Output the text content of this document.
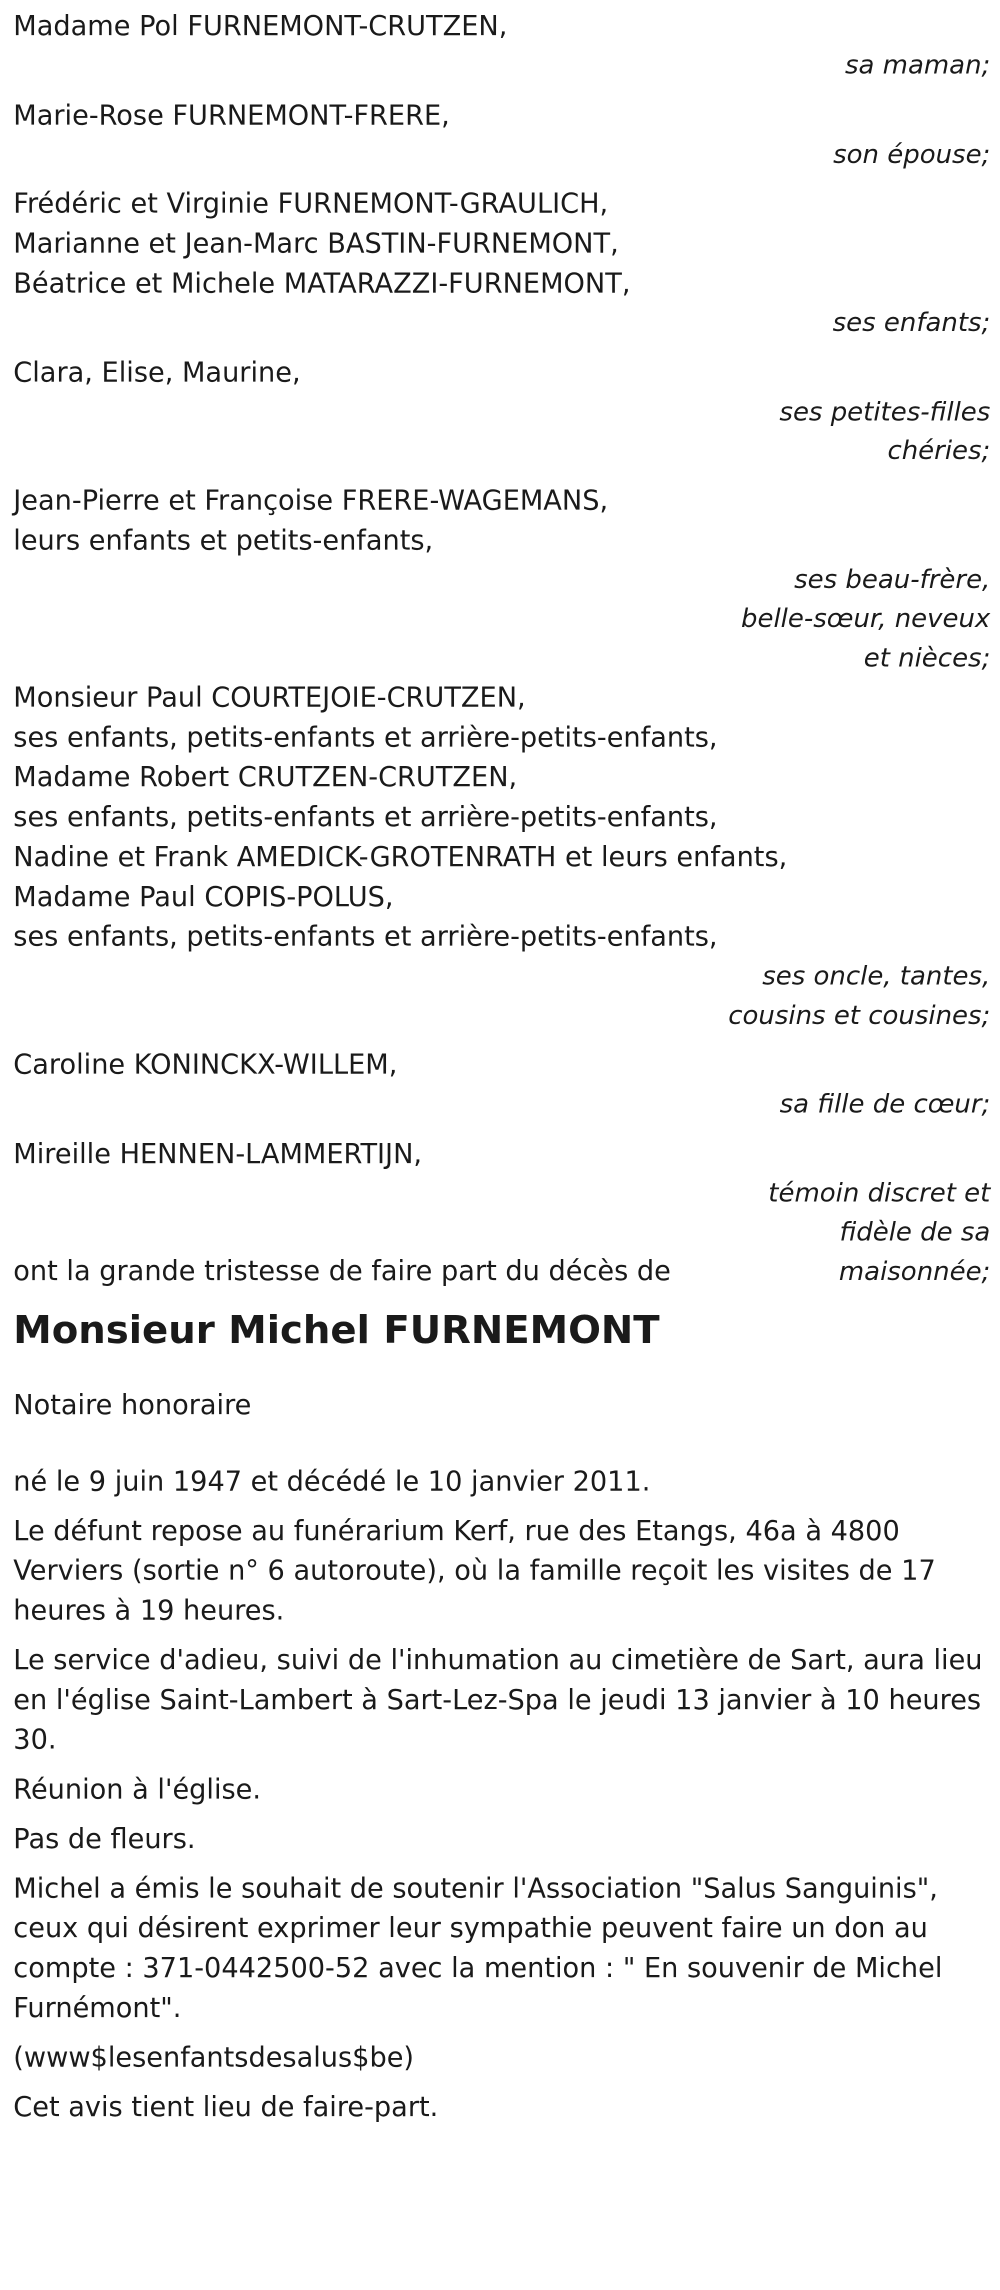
Madame Pol FURNEMONT-CRUTZEN,
sa maman;
Marie-Rose FURNEMONT-FRERE,
son épouse;
Frédéric et Virginie FURNEMONT-GRAULICH,
Marianne et Jean-Marc BASTIN-FURNEMONT,
Béatrice et Michele MATARAZZI-FURNEMONT,
ses enfants;
Clara, Elise, Maurine,
ses petites-filles
chéries;
Jean-Pierre et Françoise FRERE-WAGEMANS,
leurs enfants et petits-enfants,
ses beau-frère,
belle-sœur, neveux
et nièces;
Monsieur Paul COURTEJOIE-CRUTZEN,
ses enfants, petits-enfants et arrière-petits-enfants,
Madame Robert CRUTZEN-CRUTZEN,
ses enfants, petits-enfants et arrière-petits-enfants,
Nadine et Frank AMEDICK-GROTENRATH et leurs enfants,
Madame Paul COPIS-POLUS,
ses enfants, petits-enfants et arrière-petits-enfants,
ses oncle, tantes,
cousins et cousines;
Caroline KONINCKX-WILLEM,
sa fille de cœur;
Mireille HENNEN-LAMMERTIJN,
ont la grande tristesse de faire part du décès de
témoin discret et
fidèle de sa
maisonnée;
Monsieur Michel FURNEMONT
Notaire honoraire
né le 9 juin 1947 et décédé le 10 janvier 2011.
Le défunt repose au funérarium Kerf, rue des Etangs, 46a à 4800 Verviers (sortie n° 6 autoroute), où la famille reçoit les visites de 17 heures à 19 heures.
Le service d'adieu, suivi de l'inhumation au cimetière de Sart, aura lieu en l'église Saint-Lambert à Sart-Lez-Spa le jeudi 13 janvier à 10 heures 30.
Réunion à l'église.
Pas de fleurs.
Michel a émis le souhait de soutenir l'Association "Salus Sanguinis", ceux qui désirent exprimer leur sympathie peuvent faire un don au compte : 371-0442500-52 avec la mention : " En souvenir de Michel Furnémont".
(www$lesenfantsdesalus$be)
Cet avis tient lieu de faire-part.
